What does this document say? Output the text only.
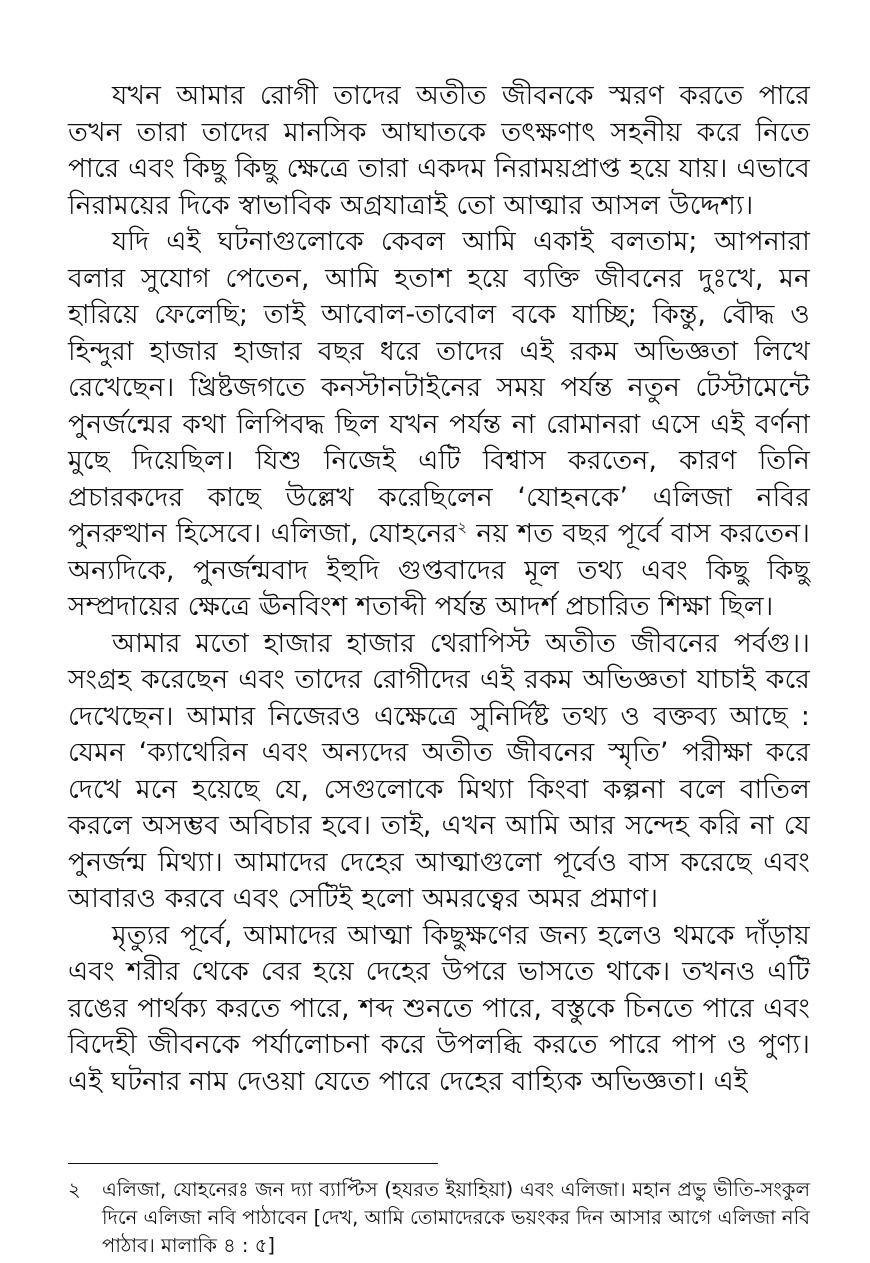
যখন আমার রোগী তাদের অতীত জীবনকে স্মরণ করতে পারে তখন তারা তাদের মানসিক আঘাতকে তৎক্ষণাৎ সহনীয় করে নিতে পারে এবং কিছু কিছু ক্ষেত্রে তারা একদম নিরাময়প্রাপ্ত হয়ে যায়। এভাবে নিরাময়ের দিকে স্বাভাবিক অগ্রযাত্রাই তো আত্মার আসল উদ্দেশ্য।

যদি এই ঘটনাগুলোকে কেবল আমি একাই বলতাম; আপনারা বলার সুযোগ পেতেন, আমি হতাশ হয়ে ব্যক্তি জীবনের দুঃখে, মন হারিয়ে ফেলেছি; তাই আবোল-তাবোল বকে যাচ্ছি; কিন্তু, বৌদ্ধ ও হিন্দুরা হাজার হাজার বছর ধরে তাদের এই রকম অভিজ্ঞতা লিখে রেখেছেন। খ্রিষ্টজগতে কনস্টানটাইনের সময় পর্যন্ত নতুন টেস্টামেন্টে পুনর্জন্মের কথা লিপিবদ্ধ ছিল যখন পর্যন্ত না রোমানরা এসে এই বর্ণনা মুছে দিয়েছিল। যিশু নিজেই এটি বিশ্বাস করতেন, কারণ তিনি প্রচারকদের কাছে উল্লেখ করেছিলেন ‘যোহনকে’ এলিজা নবির পুনরুত্থান হিসেবে। এলিজা, যোহনের$^২$ নয় শত বছর পূর্বে বাস করতেন। অন্যদিকে, পুনর্জন্মবাদ ইহুদি গুপ্তবাদের মূল তথ্য এবং কিছু কিছু সম্প্রদায়ের ক্ষেত্রে ঊনবিংশ শতাব্দী পর্যন্ত আদর্শ প্রচারিত শিক্ষা ছিল।

আমার মতো হাজার হাজার থেরাপিস্ট অতীত জীবনের পর্বগু।। সংগ্রহ করেছেন এবং তাদের রোগীদের এই রকম অভিজ্ঞতা যাচাই করে দেখেছেন। আমার নিজেরও এক্ষেত্রে সুনির্দিষ্ট তথ্য ও বক্তব্য আছে : যেমন ‘ক্যাথেরিন এবং অন্যদের অতীত জীবনের স্মৃতি’ পরীক্ষা করে দেখে মনে হয়েছে যে, সেগুলোকে মিথ্যা কিংবা কল্পনা বলে বাতিল করলে অসম্ভব অবিচার হবে। তাই, এখন আমি আর সন্দেহ করি না যে পুনর্জন্ম মিথ্যা। আমাদের দেহের আত্মাগুলো পূর্বেও বাস করেছে এবং আবারও করবে এবং সেটিই হলো অমরত্বের অমর প্রমাণ।

মৃত্যুর পূর্বে, আমাদের আত্মা কিছুক্ষণের জন্য হলেও থমকে দাঁড়ায় এবং শরীর থেকে বের হয়ে দেহের উপরে ভাসতে থাকে। তখনও এটি রঙের পার্থক্য করতে পারে, শব্দ শুনতে পারে, বস্তুকে চিনতে পারে এবং বিদেহী জীবনকে পর্যালোচনা করে উপলব্ধি করতে পারে পাপ ও পুণ্য। এই ঘটনার নাম দেওয়া যেতে পারে দেহের বাহ্যিক অভিজ্ঞতা। এই

২	এলিজা, যোহনেরঃ জন দ্যা ব্যাপ্টিস (হযরত ইয়াহিয়া) এবং এলিজা। মহান প্রভু ভীতি-সংকুল দিনে এলিজা নবি পাঠাবেন [দেখ, আমি তোমাদেরকে ভয়ংকর দিন আসার আগে এলিজা নবি পাঠাব। মালাকি ৪ : ৫]
